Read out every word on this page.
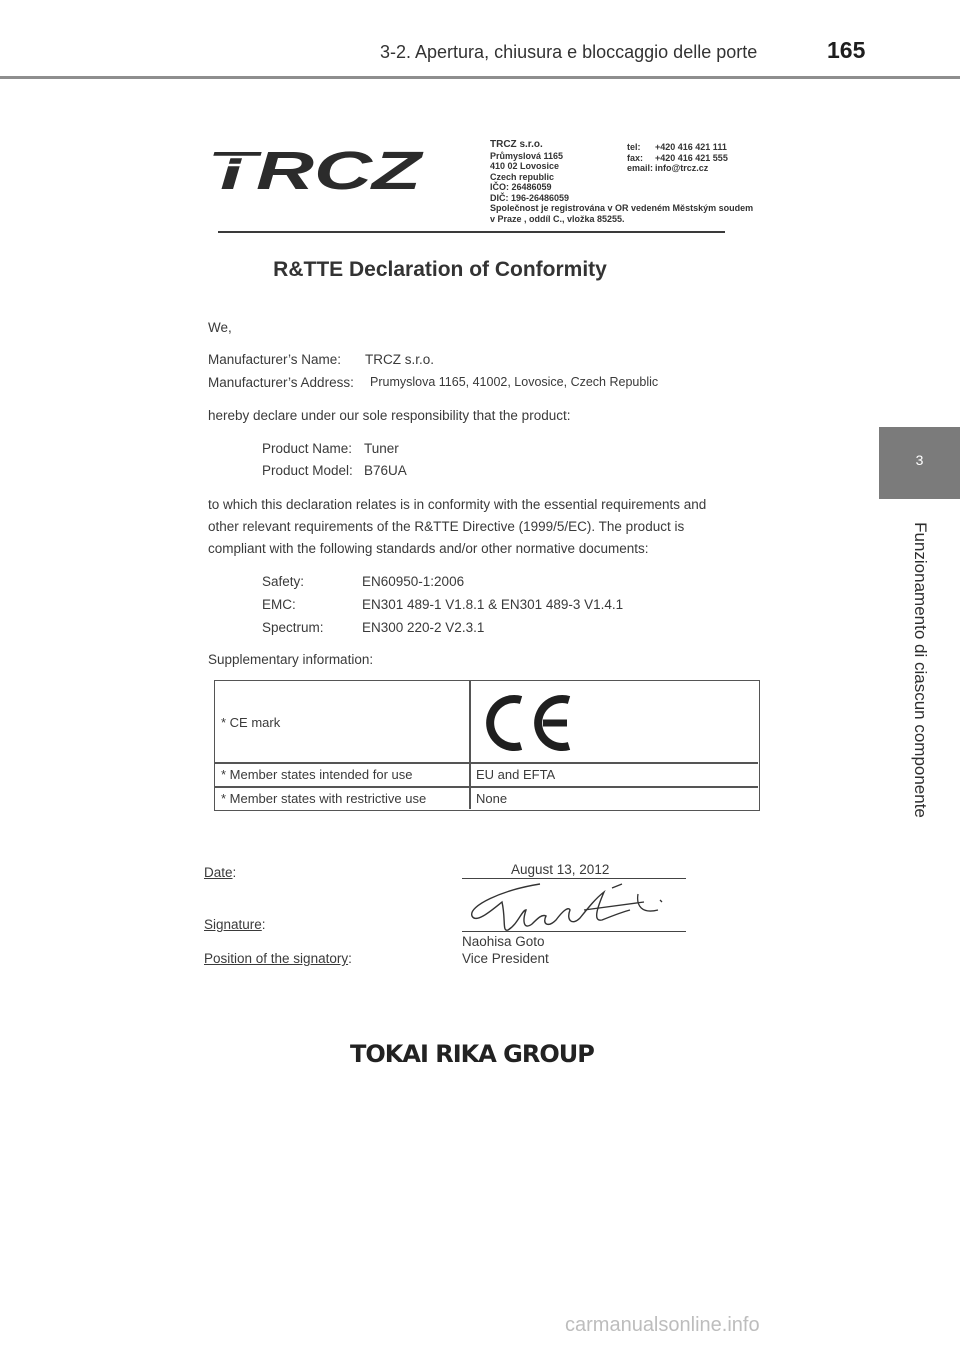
3-2. Apertura, chiusura e bloccaggio delle porte	165
3
Funzionamento di ciascun componente
TRCZ	TRCZ s.r.o.
Průmyslová 1165
410 02 Lovosice
Czech republic
IČO: 26486059
DIČ: 196-26486059
Společnost je registrována v OR vedeném Městským soudem
v Praze , oddíl C., vložka 85255.
tel: +420 416 421 111
fax: +420 416 421 555
email: info@trcz.cz
R&TTE Declaration of Conformity
We,
Manufacturer’s Name: TRCZ s.r.o.
Manufacturer’s Address: Prumyslova 1165, 41002, Lovosice, Czech Republic
hereby declare under our sole responsibility that the product:
Product Name: Tuner
Product Model: B76UA
to which this declaration relates is in conformity with the essential requirements and
other relevant requirements of the R&TTE Directive (1999/5/EC). The product is
compliant with the following standards and/or other normative documents:
Safety:	EN60950-1:2006
EMC:	EN301 489-1 V1.8.1 & EN301 489-3 V1.4.1
Spectrum:	EN300 220-2 V2.3.1
Supplementary information:
* CE mark
* Member states intended for use	EU and EFTA
* Member states with restrictive use	None
Date:	August 13, 2012
Signature:
Naohisa Goto
Position of the signatory:	Vice President
TOKAI RIKA GROUP
carmanualsonline.info
